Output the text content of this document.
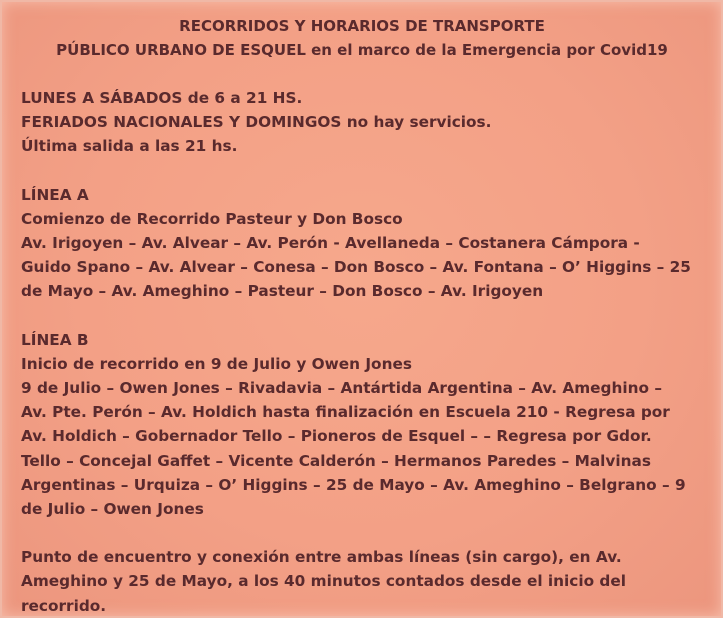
RECORRIDOS Y HORARIOS DE TRANSPORTE
PÚBLICO URBANO DE ESQUEL en el marco de la Emergencia por Covid19
LUNES A SÁBADOS de 6 a 21 HS.
FERIADOS NACIONALES Y DOMINGOS no hay servicios.
Última salida a las 21 hs.
LÍNEA A
Comienzo de Recorrido Pasteur y Don Bosco
Av. Irigoyen – Av. Alvear – Av. Perón - Avellaneda – Costanera Cámpora -
Guido Spano – Av. Alvear – Conesa – Don Bosco – Av. Fontana – O’ Higgins – 25
de Mayo – Av. Ameghino – Pasteur – Don Bosco – Av. Irigoyen
LÍNEA B
Inicio de recorrido en 9 de Julio y Owen Jones
9 de Julio – Owen Jones – Rivadavia – Antártida Argentina – Av. Ameghino –
Av. Pte. Perón – Av. Holdich hasta finalización en Escuela 210 - Regresa por
Av. Holdich – Gobernador Tello – Pioneros de Esquel – – Regresa por Gdor.
Tello – Concejal Gaffet – Vicente Calderón – Hermanos Paredes – Malvinas
Argentinas – Urquiza – O’ Higgins – 25 de Mayo – Av. Ameghino – Belgrano – 9
de Julio – Owen Jones
Punto de encuentro y conexión entre ambas líneas (sin cargo), en Av.
Ameghino y 25 de Mayo, a los 40 minutos contados desde el inicio del
recorrido.
